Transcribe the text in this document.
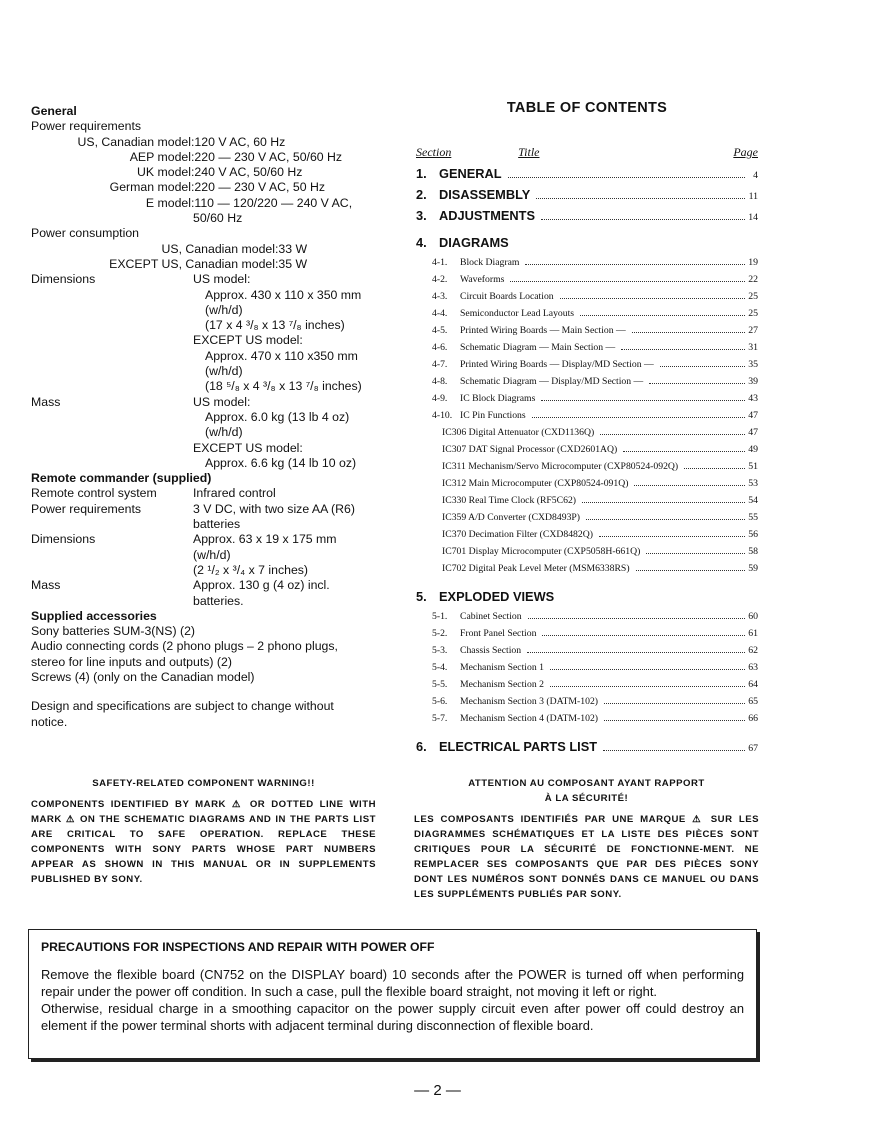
General
Power requirements
US, Canadian model : 120 V AC, 60 Hz
AEP model : 220 — 230 V AC, 50/60 Hz
UK model : 240 V AC, 50/60 Hz
German model : 220 — 230 V AC, 50 Hz
E model : 110 — 120/220 — 240 V AC,
50/60 Hz
Power consumption
US, Canadian model : 33 W
EXCEPT US, Canadian model : 35 W
Dimensions	US model:
Approx. 430 x 110 x 350 mm
(w/h/d)
(17 x 4 ³/₈ x 13 ⁷/₈ inches)
EXCEPT US model:
Approx. 470 x 110 x350 mm
(w/h/d)
(18 ⁵/₈ x 4 ³/₈ x 13 ⁷/₈ inches)
Mass	US model:
Approx. 6.0 kg (13 lb 4 oz)
(w/h/d)
EXCEPT US model:
Approx. 6.6 kg (14 lb 10 oz)
Remote commander (supplied)
Remote control system	Infrared control
Power requirements	3 V DC, with two size AA (R6)
batteries
Dimensions	Approx. 63 x 19 x 175 mm
(w/h/d)
(2 ¹/₂ x ³/₄ x 7 inches)
Mass	Approx. 130 g (4 oz) incl.
batteries.
Supplied accessories
Sony batteries SUM-3(NS) (2)
Audio connecting cords (2 phono plugs – 2 phono plugs,
stereo for line inputs and outputs) (2)
Screws (4) (only on the Canadian model)
Design and specifications are subject to change without notice.
TABLE OF CONTENTS
Section	Title	Page
1. GENERAL	4
2. DISASSEMBLY	11
3. ADJUSTMENTS	14
4. DIAGRAMS
4-1.	Block Diagram	19
4-2.	Waveforms	22
4-3.	Circuit Boards Location	25
4-4.	Semiconductor Lead Layouts	25
4-5.	Printed Wiring Boards — Main Section —	27
4-6.	Schematic Diagram — Main Section —	31
4-7.	Printed Wiring Boards — Display/MD Section —	35
4-8.	Schematic Diagram — Display/MD Section —	39
4-9.	IC Block Diagrams	43
4-10. IC Pin Functions	47
IC306 Digital Attenuator (CXD1136Q)	47
IC307 DAT Signal Processor (CXD2601AQ)	49
IC311 Mechanism/Servo Microcomputer (CXP80524-092Q)	51
IC312 Main Microcomputer (CXP80524-091Q)	53
IC330 Real Time Clock (RF5C62)	54
IC359 A/D Converter (CXD8493P)	55
IC370 Decimation Filter (CXD8482Q)	56
IC701 Display Microcomputer (CXP5058H-661Q)	58
IC702 Digital Peak Level Meter (MSM6338RS)	59
5. EXPLODED VIEWS
5-1.	Cabinet Section	60
5-2.	Front Panel Section	61
5-3.	Chassis Section	62
5-4.	Mechanism Section 1	63
5-5.	Mechanism Section 2	64
5-6.	Mechanism Section 3 (DATM-102)	65
5-7.	Mechanism Section 4 (DATM-102)	66
6. ELECTRICAL PARTS LIST	67
SAFETY-RELATED COMPONENT WARNING!!
COMPONENTS IDENTIFIED BY MARK ⚠ OR DOTTED LINE WITH MARK ⚠ ON THE SCHEMATIC DIAGRAMS AND IN THE PARTS LIST ARE CRITICAL TO SAFE OPERATION. REPLACE THESE COMPONENTS WITH SONY PARTS WHOSE PART NUMBERS APPEAR AS SHOWN IN THIS MANUAL OR IN SUPPLEMENTS PUBLISHED BY SONY.
ATTENTION AU COMPOSANT AYANT RAPPORT
À LA SÉCURITÉ!
LES COMPOSANTS IDENTIFIÉS PAR UNE MARQUE ⚠ SUR LES DIAGRAMMES SCHÉMATIQUES ET LA LISTE DES PIÈCES SONT CRITIQUES POUR LA SÉCURITÉ DE FONCTIONNE-MENT. NE REMPLACER SES COMPOSANTS QUE PAR DES PIÈCES SONY DONT LES NUMÉROS SONT DONNÉS DANS CE MANUEL OU DANS LES SUPPLÉMENTS PUBLIÉS PAR SONY.
PRECAUTIONS FOR INSPECTIONS AND REPAIR WITH POWER OFF
Remove the flexible board (CN752 on the DISPLAY board) 10 seconds after the POWER is turned off when performing repair under the power off condition. In such a case, pull the flexible board straight, not moving it left or right.
Otherwise, residual charge in a smoothing capacitor on the power supply circuit even after power off could destroy an element if the power terminal shorts with adjacent terminal during disconnection of flexible board.
— 2 —
